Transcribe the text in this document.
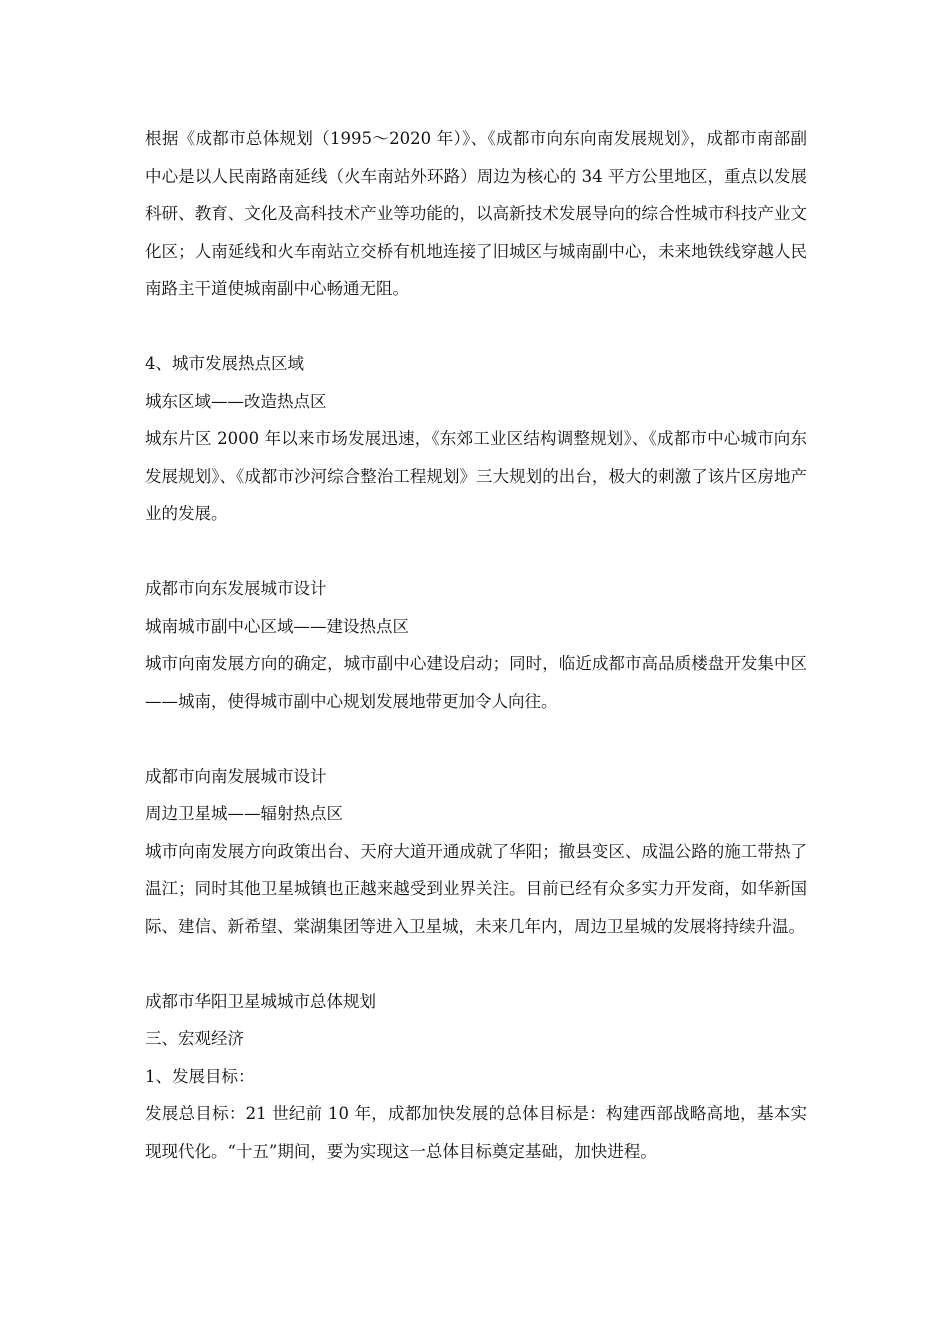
根据《成都市总体规划（1995～2020 年）》、《成都市向东向南发展规划》，成都市南部副中心是以人民南路南延线（火车南站外环路）周边为核心的 34 平方公里地区，重点以发展科研、教育、文化及高科技术产业等功能的，以高新技术发展导向的综合性城市科技产业文化区；人南延线和火车南站立交桥有机地连接了旧城区与城南副中心，未来地铁线穿越人民南路主干道使城南副中心畅通无阻。

4、城市发展热点区域

城东区域——改造热点区

城东片区 2000 年以来市场发展迅速，《东郊工业区结构调整规划》、《成都市中心城市向东发展规划》、《成都市沙河综合整治工程规划》三大规划的出台，极大的刺激了该片区房地产业的发展。

成都市向东发展城市设计

城南城市副中心区域——建设热点区

城市向南发展方向的确定，城市副中心建设启动；同时，临近成都市高品质楼盘开发集中区——城南，使得城市副中心规划发展地带更加令人向往。

成都市向南发展城市设计

周边卫星城——辐射热点区

城市向南发展方向政策出台、天府大道开通成就了华阳；撤县变区、成温公路的施工带热了温江；同时其他卫星城镇也正越来越受到业界关注。目前已经有众多实力开发商，如华新国际、建信、新希望、棠湖集团等进入卫星城，未来几年内，周边卫星城的发展将持续升温。

成都市华阳卫星城城市总体规划

三、宏观经济

1、发展目标：

发展总目标：21 世纪前 10 年，成都加快发展的总体目标是：构建西部战略高地，基本实现现代化。“十五”期间，要为实现这一总体目标奠定基础，加快进程。
